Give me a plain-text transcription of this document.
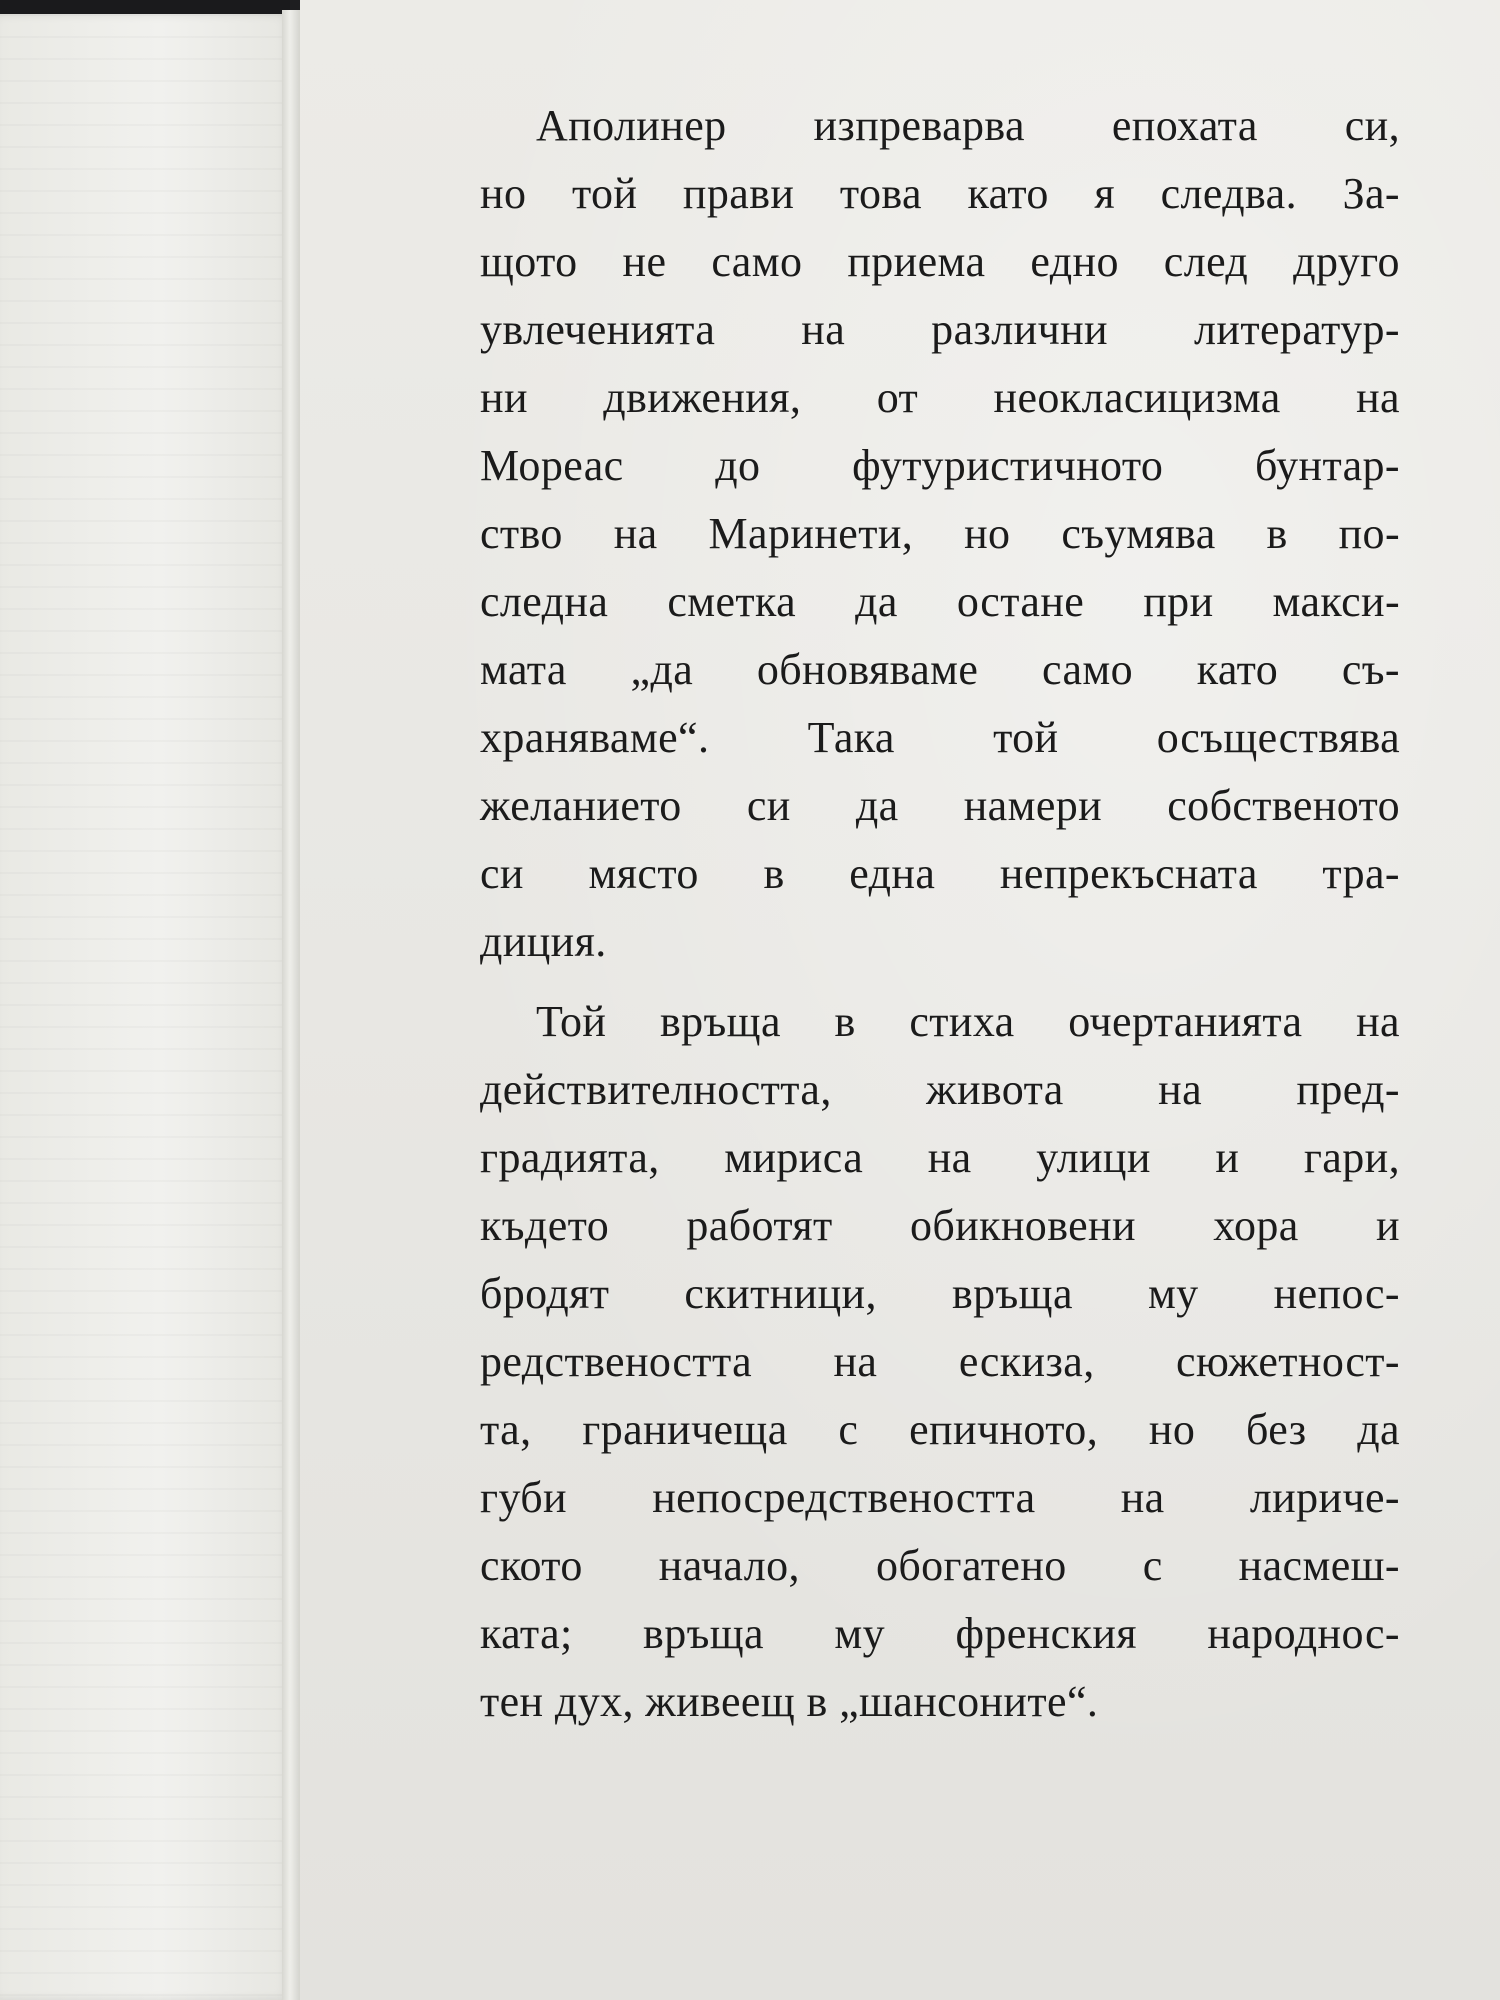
Аполинер изпреварва епохата си,
но той прави това като я следва. За-
щото не само приема едно след друго
увлеченията на различни литератур-
ни движения, от неокласицизма на
Мореас до футуристичното бунтар-
ство на Маринети, но съумява в по-
следна сметка да остане при макси-
мата „да обновяваме само като съ-
храняваме“. Така той осъществява
желанието си да намери собственото
си място в една непрекъсната тра-
диция.
Той връща в стиха очертанията на
действителността, живота на пред-
градията, мириса на улици и гари,
където работят обикновени хора и
бродят скитници, връща му непос-
редствеността на ескиза, сюжетност-
та, граничеща с епичното, но без да
губи непосредствеността на лириче-
ското начало, обогатено с насмеш-
ката; връща му френския народнос-
тен дух, живеещ в „шансоните“.
